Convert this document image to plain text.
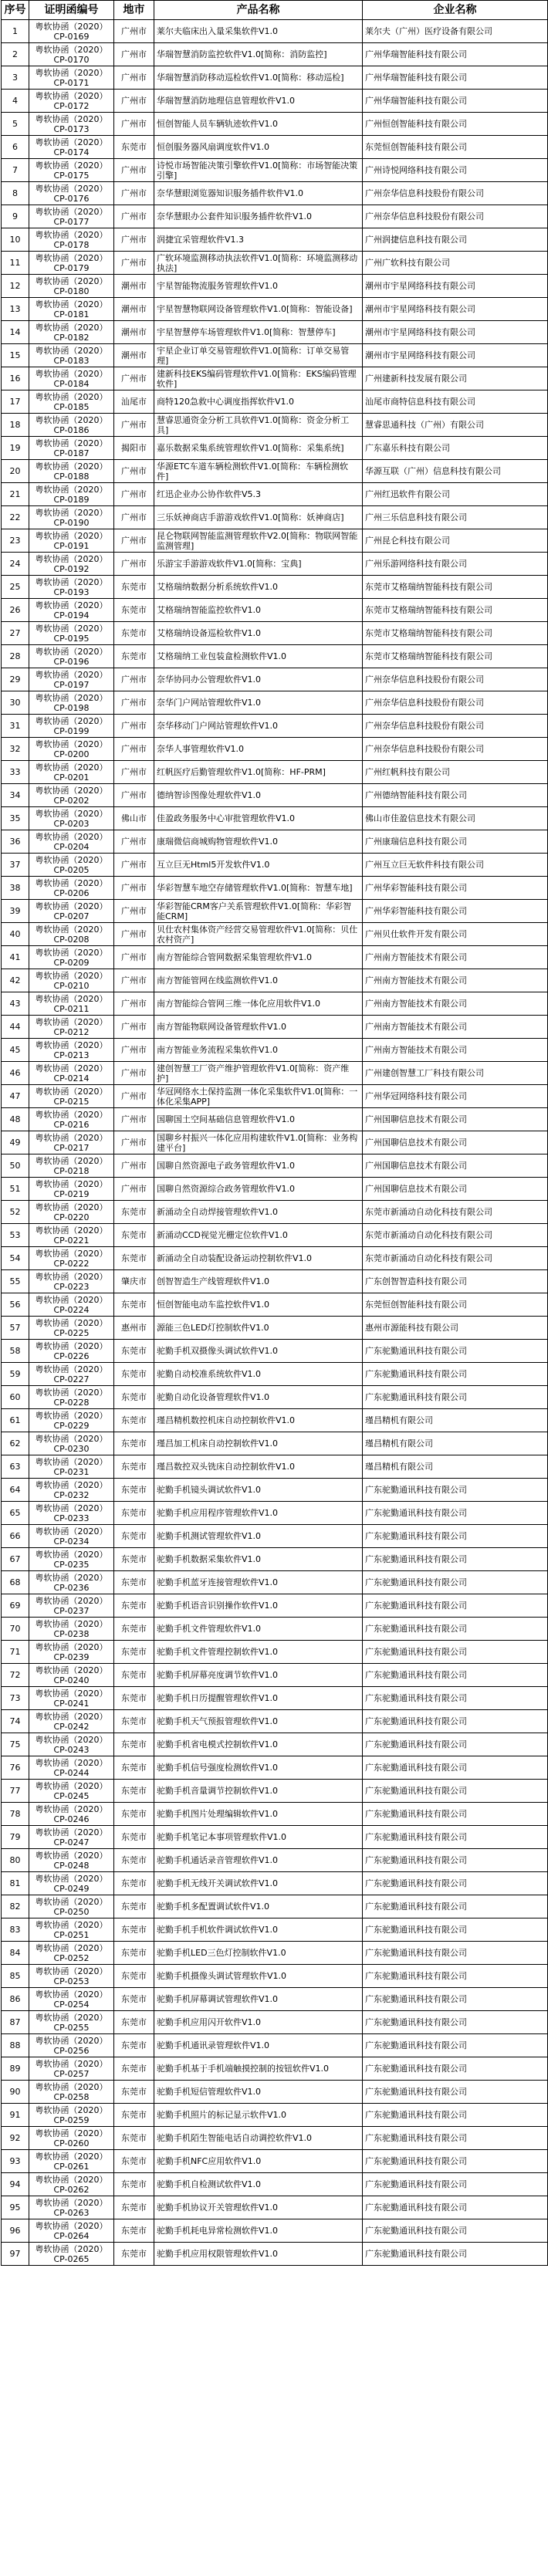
序号	证明函编号	地市	产品名称	企业名称
1	粤软协函（2020）CP-0169	广州市	莱尔夫临床出入量采集软件V1.0	莱尔夫（广州）医疗设备有限公司
2	粤软协函（2020）CP-0170	广州市	华瑞智慧消防监控软件V1.0[简称：消防监控]	广州华瑞智能科技有限公司
3	粤软协函（2020）CP-0171	广州市	华瑞智慧消防移动巡检软件V1.0[简称：移动巡检]	广州华瑞智能科技有限公司
4	粤软协函（2020）CP-0172	广州市	华瑞智慧消防地理信息管理软件V1.0	广州华瑞智能科技有限公司
5	粤软协函（2020）CP-0173	广州市	恒创智能人员车辆轨迹软件V1.0	广州恒创智能科技有限公司
6	粤软协函（2020）CP-0174	东莞市	恒创服务器风扇调度软件V1.0	东莞恒创智能科技有限公司
7	粤软协函（2020）CP-0175	广州市	诗悦市场智能决策引擎软件V1.0[简称：市场智能决策引擎]	广州诗悦网络科技有限公司
8	粤软协函（2020）CP-0176	广州市	奈华慧眼浏览器知识服务插件软件V1.0	广州奈华信息科技股份有限公司
9	粤软协函（2020）CP-0177	广州市	奈华慧眼办公套件知识服务插件软件V1.0	广州奈华信息科技股份有限公司
10	粤软协函（2020）CP-0178	广州市	润捷宜采管理软件V1.3	广州润捷信息科技有限公司
11	粤软协函（2020）CP-0179	广州市	广软环境监测移动执法软件V1.0[简称：环境监测移动执法]	广州广软科技有限公司
12	粤软协函（2020）CP-0180	潮州市	宇星智能物流服务管理软件V1.0	潮州市宇星网络科技有限公司
13	粤软协函（2020）CP-0181	潮州市	宇星智慧物联网设备管理软件V1.0[简称：智能设备]	潮州市宇星网络科技有限公司
14	粤软协函（2020）CP-0182	潮州市	宇星智慧停车场管理软件V1.0[简称：智慧停车]	潮州市宇星网络科技有限公司
15	粤软协函（2020）CP-0183	潮州市	宇星企业订单交易管理软件V1.0[简称：订单交易管理]	潮州市宇星网络科技有限公司
16	粤软协函（2020）CP-0184	广州市	建新科技EKS编码管理软件V1.0[简称：EKS编码管理软件]	广州建新科技发展有限公司
17	粤软协函（2020）CP-0185	汕尾市	商特120急救中心调度指挥软件V1.0	汕尾市商特信息科技有限公司
18	粤软协函（2020）CP-0186	广州市	慧睿思通资金分析工具软件V1.0[简称：资金分析工具]	慧睿思通科技（广州）有限公司
19	粤软协函（2020）CP-0187	揭阳市	嘉乐数据采集系统管理软件V1.0[简称：采集系统]	广东嘉乐科技有限公司
20	粤软协函（2020）CP-0188	广州市	华源ETC车道车辆检测软件V1.0[简称：车辆检测软件]	华源互联（广州）信息科技有限公司
21	粤软协函（2020）CP-0189	广州市	红迅企业办公协作软件V5.3	广州红迅软件有限公司
22	粤软协函（2020）CP-0190	广州市	三乐妖神商店手游游戏软件V1.0[简称：妖神商店]	广州三乐信息科技有限公司
23	粤软协函（2020）CP-0191	广州市	昆仑物联网智能监测管理软件V2.0[简称：物联网智能监测管理]	广州昆仑科技有限公司
24	粤软协函（2020）CP-0192	广州市	乐游宝手游游戏软件V1.0[简称：宝典]	广州乐游网络科技有限公司
25	粤软协函（2020）CP-0193	东莞市	艾格瑞纳数据分析系统软件V1.0	东莞市艾格瑞纳智能科技有限公司
26	粤软协函（2020）CP-0194	东莞市	艾格瑞纳智能监控软件V1.0	东莞市艾格瑞纳智能科技有限公司
27	粤软协函（2020）CP-0195	东莞市	艾格瑞纳设备巡检软件V1.0	东莞市艾格瑞纳智能科技有限公司
28	粤软协函（2020）CP-0196	东莞市	艾格瑞纳工业包装盒检测软件V1.0	东莞市艾格瑞纳智能科技有限公司
29	粤软协函（2020）CP-0197	广州市	奈华协同办公管理软件V1.0	广州奈华信息科技股份有限公司
30	粤软协函（2020）CP-0198	广州市	奈华门户网站管理软件V1.0	广州奈华信息科技股份有限公司
31	粤软协函（2020）CP-0199	广州市	奈华移动门户网站管理软件V1.0	广州奈华信息科技股份有限公司
32	粤软协函（2020）CP-0200	广州市	奈华人事管理软件V1.0	广州奈华信息科技股份有限公司
33	粤软协函（2020）CP-0201	广州市	红帆医疗后勤管理软件V1.0[简称：HF-PRM]	广州红帆科技有限公司
34	粤软协函（2020）CP-0202	广州市	德纳智诊图像处理软件V1.0	广州德纳智能科技有限公司
35	粤软协函（2020）CP-0203	佛山市	佳盈政务服务中心审批管理软件V1.0	佛山市佳盈信息技术有限公司
36	粤软协函（2020）CP-0204	广州市	康瑞微信商城购物管理软件V1.0	广州康瑞信息科技有限公司
37	粤软协函（2020）CP-0205	广州市	互立巨无Html5开发软件V1.0	广州互立巨无软件科技有限公司
38	粤软协函（2020）CP-0206	广州市	华彩智慧车地空存储管理软件V1.0[简称：智慧车地]	广州华彩智能科技有限公司
39	粤软协函（2020）CP-0207	广州市	华彩智能CRM客户关系管理软件V1.0[简称：华彩智能CRM]	广州华彩智能科技有限公司
40	粤软协函（2020）CP-0208	广州市	贝仕农村集体资产经营交易管理软件V1.0[简称：贝仕农村资产]	广州贝仕软件开发有限公司
41	粤软协函（2020）CP-0209	广州市	南方智能综合管网数据采集管理软件V1.0	广州南方智能技术有限公司
42	粤软协函（2020）CP-0210	广州市	南方智能管网在线监测软件V1.0	广州南方智能技术有限公司
43	粤软协函（2020）CP-0211	广州市	南方智能综合管网三维一体化应用软件V1.0	广州南方智能技术有限公司
44	粤软协函（2020）CP-0212	广州市	南方智能物联网设备管理软件V1.0	广州南方智能技术有限公司
45	粤软协函（2020）CP-0213	广州市	南方智能业务流程采集软件V1.0	广州南方智能技术有限公司
46	粤软协函（2020）CP-0214	广州市	建创智慧工厂资产维护管理软件V1.0[简称：资产维护]	广州建创智慧工厂科技有限公司
47	粤软协函（2020）CP-0215	广州市	华冠网络水土保持监测一体化采集软件V1.0[简称：一体化采集APP]	广州华冠网络科技有限公司
48	粤软协函（2020）CP-0216	广州市	国聊国土空间基础信息管理软件V1.0	广州国聊信息技术有限公司
49	粤软协函（2020）CP-0217	广州市	国聊乡村振兴一体化应用构建软件V1.0[简称：业务构建平台]	广州国聊信息技术有限公司
50	粤软协函（2020）CP-0218	广州市	国聊自然资源电子政务管理软件V1.0	广州国聊信息技术有限公司
51	粤软协函（2020）CP-0219	广州市	国聊自然资源综合政务管理软件V1.0	广州国聊信息技术有限公司
52	粤软协函（2020）CP-0220	东莞市	新涌动全自动焊接管理软件V1.0	东莞市新涌动自动化科技有限公司
53	粤软协函（2020）CP-0221	东莞市	新涌动CCD视觉光栅定位软件V1.0	东莞市新涌动自动化科技有限公司
54	粤软协函（2020）CP-0222	东莞市	新涌动全自动装配设备运动控制软件V1.0	东莞市新涌动自动化科技有限公司
55	粤软协函（2020）CP-0223	肇庆市	创智智造生产线管理软件V1.0	广东创智智造科技有限公司
56	粤软协函（2020）CP-0224	东莞市	恒创智能电动车监控软件V1.0	东莞恒创智能科技有限公司
57	粤软协函（2020）CP-0225	惠州市	源能三色LED灯控制软件V1.0	惠州市源能科技有限公司
58	粤软协函（2020）CP-0226	东莞市	驼勤手机双摄像头调试软件V1.0	广东驼勤通讯科技有限公司
59	粤软协函（2020）CP-0227	东莞市	驼勤自动校准系统软件V1.0	广东驼勤通讯科技有限公司
60	粤软协函（2020）CP-0228	东莞市	驼勤自动化设备管理软件V1.0	广东驼勤通讯科技有限公司
61	粤软协函（2020）CP-0229	东莞市	瑾昌精机数控机床自动控制软件V1.0	瑾昌精机有限公司
62	粤软协函（2020）CP-0230	东莞市	瑾昌加工机床自动控制软件V1.0	瑾昌精机有限公司
63	粤软协函（2020）CP-0231	东莞市	瑾昌数控双头铣床自动控制软件V1.0	瑾昌精机有限公司
64	粤软协函（2020）CP-0232	东莞市	驼勤手机镜头调试软件V1.0	广东驼勤通讯科技有限公司
65	粤软协函（2020）CP-0233	东莞市	驼勤手机应用程序管理软件V1.0	广东驼勤通讯科技有限公司
66	粤软协函（2020）CP-0234	东莞市	驼勤手机测试管理软件V1.0	广东驼勤通讯科技有限公司
67	粤软协函（2020）CP-0235	东莞市	驼勤手机数据采集软件V1.0	广东驼勤通讯科技有限公司
68	粤软协函（2020）CP-0236	东莞市	驼勤手机蓝牙连接管理软件V1.0	广东驼勤通讯科技有限公司
69	粤软协函（2020）CP-0237	东莞市	驼勤手机语音识别操作软件V1.0	广东驼勤通讯科技有限公司
70	粤软协函（2020）CP-0238	东莞市	驼勤手机文件管理软件V1.0	广东驼勤通讯科技有限公司
71	粤软协函（2020）CP-0239	东莞市	驼勤手机文件管理控制软件V1.0	广东驼勤通讯科技有限公司
72	粤软协函（2020）CP-0240	东莞市	驼勤手机屏幕亮度调节软件V1.0	广东驼勤通讯科技有限公司
73	粤软协函（2020）CP-0241	东莞市	驼勤手机日历提醒管理软件V1.0	广东驼勤通讯科技有限公司
74	粤软协函（2020）CP-0242	东莞市	驼勤手机天气预报管理软件V1.0	广东驼勤通讯科技有限公司
75	粤软协函（2020）CP-0243	东莞市	驼勤手机省电模式控制软件V1.0	广东驼勤通讯科技有限公司
76	粤软协函（2020）CP-0244	东莞市	驼勤手机信号强度检测软件V1.0	广东驼勤通讯科技有限公司
77	粤软协函（2020）CP-0245	东莞市	驼勤手机音量调节控制软件V1.0	广东驼勤通讯科技有限公司
78	粤软协函（2020）CP-0246	东莞市	驼勤手机图片处理编辑软件V1.0	广东驼勤通讯科技有限公司
79	粤软协函（2020）CP-0247	东莞市	驼勤手机笔记本事项管理软件V1.0	广东驼勤通讯科技有限公司
80	粤软协函（2020）CP-0248	东莞市	驼勤手机通话录音管理软件V1.0	广东驼勤通讯科技有限公司
81	粤软协函（2020）CP-0249	东莞市	驼勤手机无线开关调试软件V1.0	广东驼勤通讯科技有限公司
82	粤软协函（2020）CP-0250	东莞市	驼勤手机多配置调试软件V1.0	广东驼勤通讯科技有限公司
83	粤软协函（2020）CP-0251	东莞市	驼勤手机手机软件调试软件V1.0	广东驼勤通讯科技有限公司
84	粤软协函（2020）CP-0252	东莞市	驼勤手机LED三色灯控制软件V1.0	广东驼勤通讯科技有限公司
85	粤软协函（2020）CP-0253	东莞市	驼勤手机摄像头调试管理软件V1.0	广东驼勤通讯科技有限公司
86	粤软协函（2020）CP-0254	东莞市	驼勤手机屏幕调试管理软件V1.0	广东驼勤通讯科技有限公司
87	粤软协函（2020）CP-0255	东莞市	驼勤手机应用闪开软件V1.0	广东驼勤通讯科技有限公司
88	粤软协函（2020）CP-0256	东莞市	驼勤手机通讯录管理软件V1.0	广东驼勤通讯科技有限公司
89	粤软协函（2020）CP-0257	东莞市	驼勤手机基于手机端触摸控制的按钮软件V1.0	广东驼勤通讯科技有限公司
90	粤软协函（2020）CP-0258	东莞市	驼勤手机短信管理软件V1.0	广东驼勤通讯科技有限公司
91	粤软协函（2020）CP-0259	东莞市	驼勤手机照片的标记显示软件V1.0	广东驼勤通讯科技有限公司
92	粤软协函（2020）CP-0260	东莞市	驼勤手机陌生智能电话自动调控软件V1.0	广东驼勤通讯科技有限公司
93	粤软协函（2020）CP-0261	东莞市	驼勤手机NFC应用软件V1.0	广东驼勤通讯科技有限公司
94	粤软协函（2020）CP-0262	东莞市	驼勤手机自检测试软件V1.0	广东驼勤通讯科技有限公司
95	粤软协函（2020）CP-0263	东莞市	驼勤手机协议开关管理软件V1.0	广东驼勤通讯科技有限公司
96	粤软协函（2020）CP-0264	东莞市	驼勤手机耗电异常检测软件V1.0	广东驼勤通讯科技有限公司
97	粤软协函（2020）CP-0265	东莞市	驼勤手机应用权限管理软件V1.0	广东驼勤通讯科技有限公司
